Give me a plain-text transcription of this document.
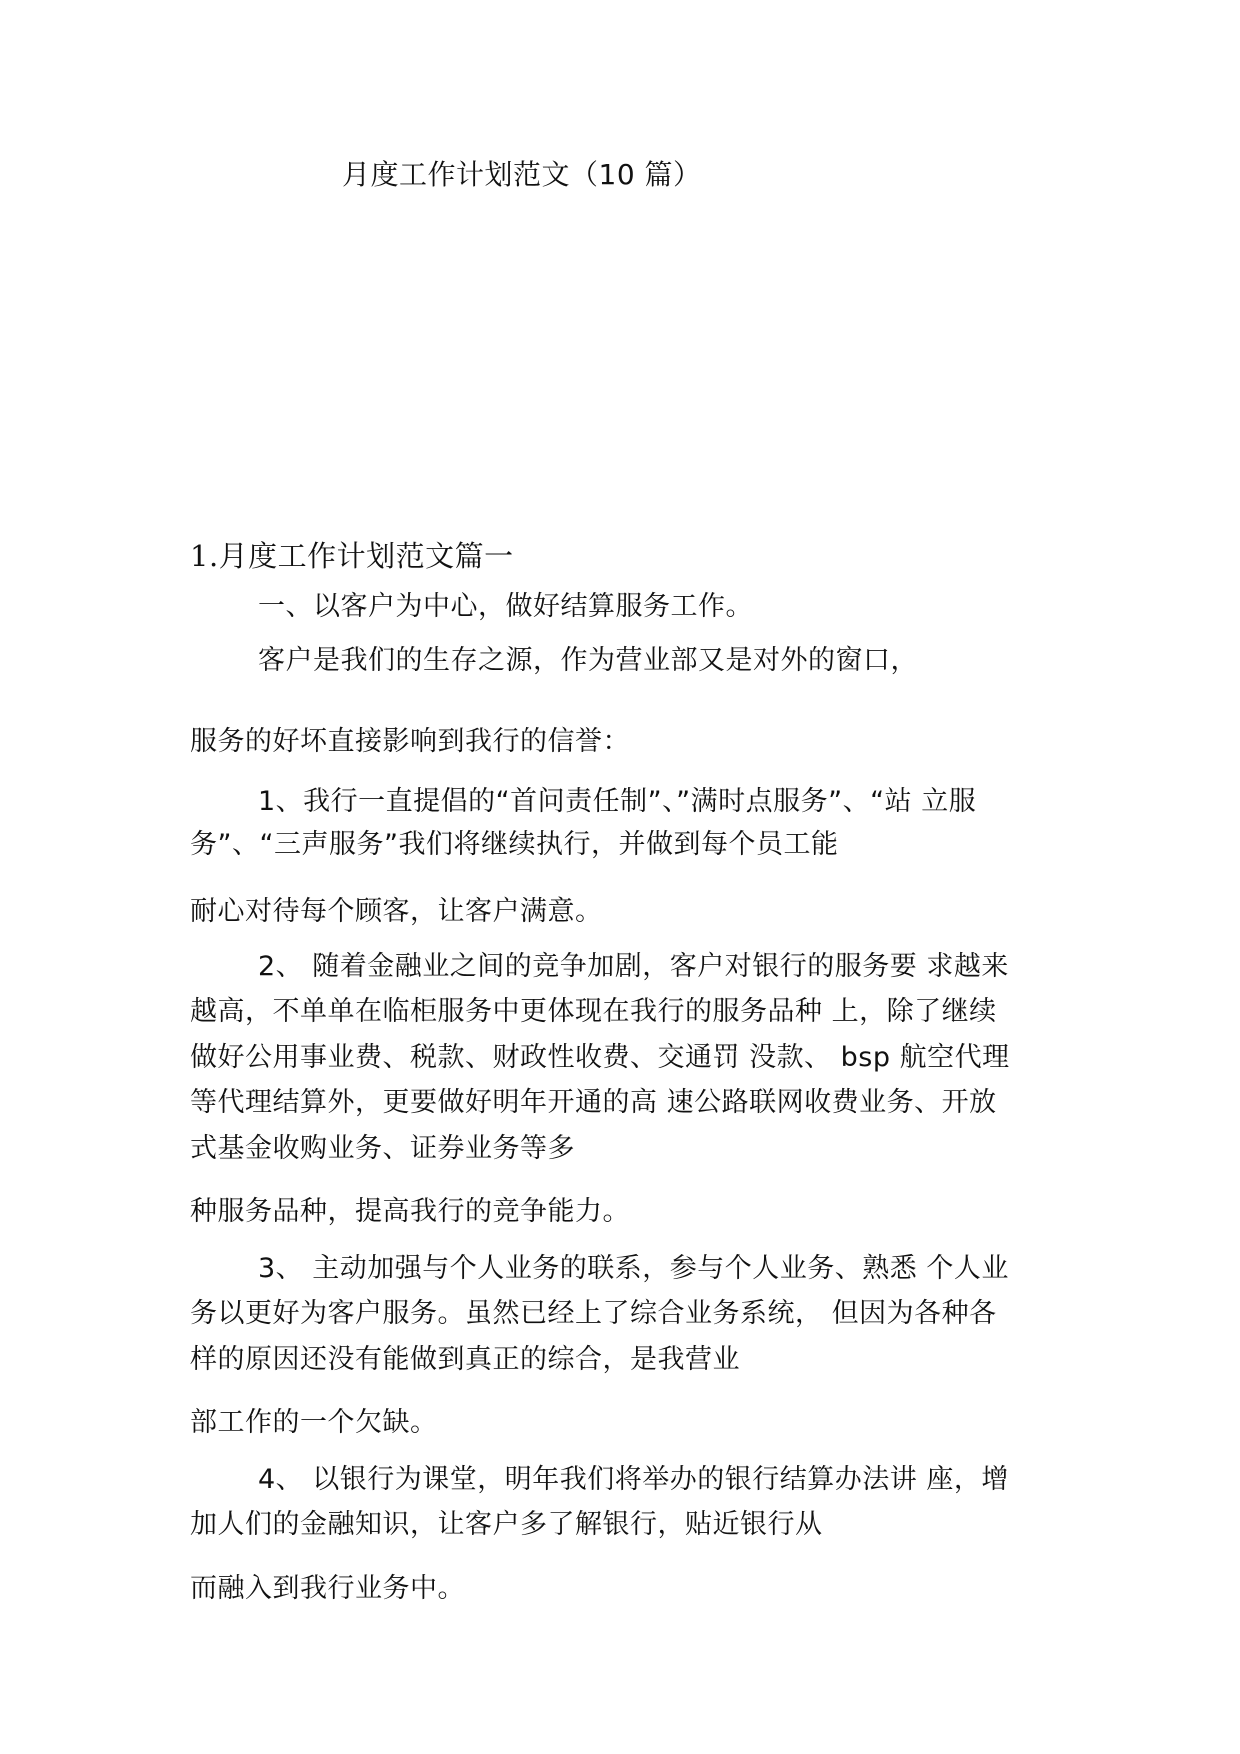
月度工作计划范文（10 篇）
1.月度工作计划范文篇一
一、以客户为中心，做好结算服务工作。
客户是我们的生存之源，作为营业部又是对外的窗口，
服务的好坏直接影响到我行的信誉：
1、我行一直提倡的“首问责任制”、”满时点服务”、“站 立服
务”、“三声服务”我们将继续执行，并做到每个员工能
耐心对待每个顾客，让客户满意。
2、 随着金融业之间的竞争加剧，客户对银行的服务要 求越来
越高，不单单在临柜服务中更体现在我行的服务品种 上，除了继续
做好公用事业费、税款、财政性收费、交通罚 没款、 bsp 航空代理
等代理结算外，更要做好明年开通的高 速公路联网收费业务、开放
式基金收购业务、证券业务等多
种服务品种，提高我行的竞争能力。
3、 主动加强与个人业务的联系，参与个人业务、熟悉 个人业
务以更好为客户服务。虽然已经上了综合业务系统， 但因为各种各
样的原因还没有能做到真正的综合，是我营业
部工作的一个欠缺。
4、 以银行为课堂，明年我们将举办的银行结算办法讲 座，增
加人们的金融知识，让客户多了解银行，贴近银行从
而融入到我行业务中。
